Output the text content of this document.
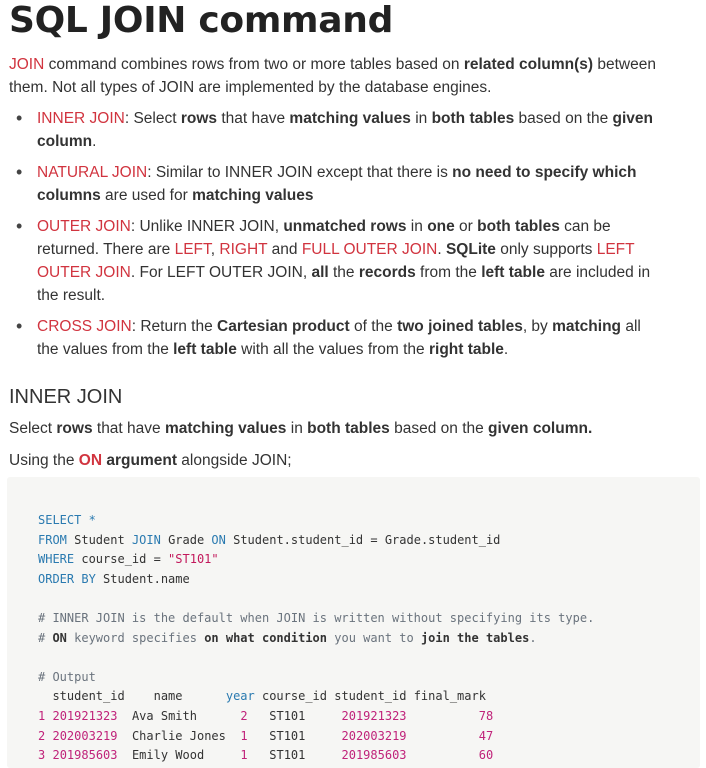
SQL JOIN command

JOIN command combines rows from two or more tables based on related column(s) between them. Not all types of JOIN are implemented by the database engines.

• INNER JOIN: Select rows that have matching values in both tables based on the given column.
• NATURAL JOIN: Similar to INNER JOIN except that there is no need to specify which columns are used for matching values
• OUTER JOIN: Unlike INNER JOIN, unmatched rows in one or both tables can be returned. There are LEFT, RIGHT and FULL OUTER JOIN. SQLite only supports LEFT OUTER JOIN. For LEFT OUTER JOIN, all the records from the left table are included in the result.
• CROSS JOIN: Return the Cartesian product of the two joined tables, by matching all the values from the left table with all the values from the right table.
INNER JOIN

Select rows that have matching values in both tables based on the given column.

Using the ON argument alongside JOIN;

SELECT *
FROM Student JOIN Grade ON Student.student_id = Grade.student_id
WHERE course_id = "ST101"
ORDER BY Student.name

# INNER JOIN is the default when JOIN is written without specifying its type.
# ON keyword specifies on what condition you want to join the tables.

# Output
student_id    name      year course_id student_id final_mark
1 201921323 Ava Smith      2 ST101	201921323	78
2 202003219 Charlie Jones 1 ST101	202003219	47
3 201985603 Emily Wood     1 ST101	201985603	60
